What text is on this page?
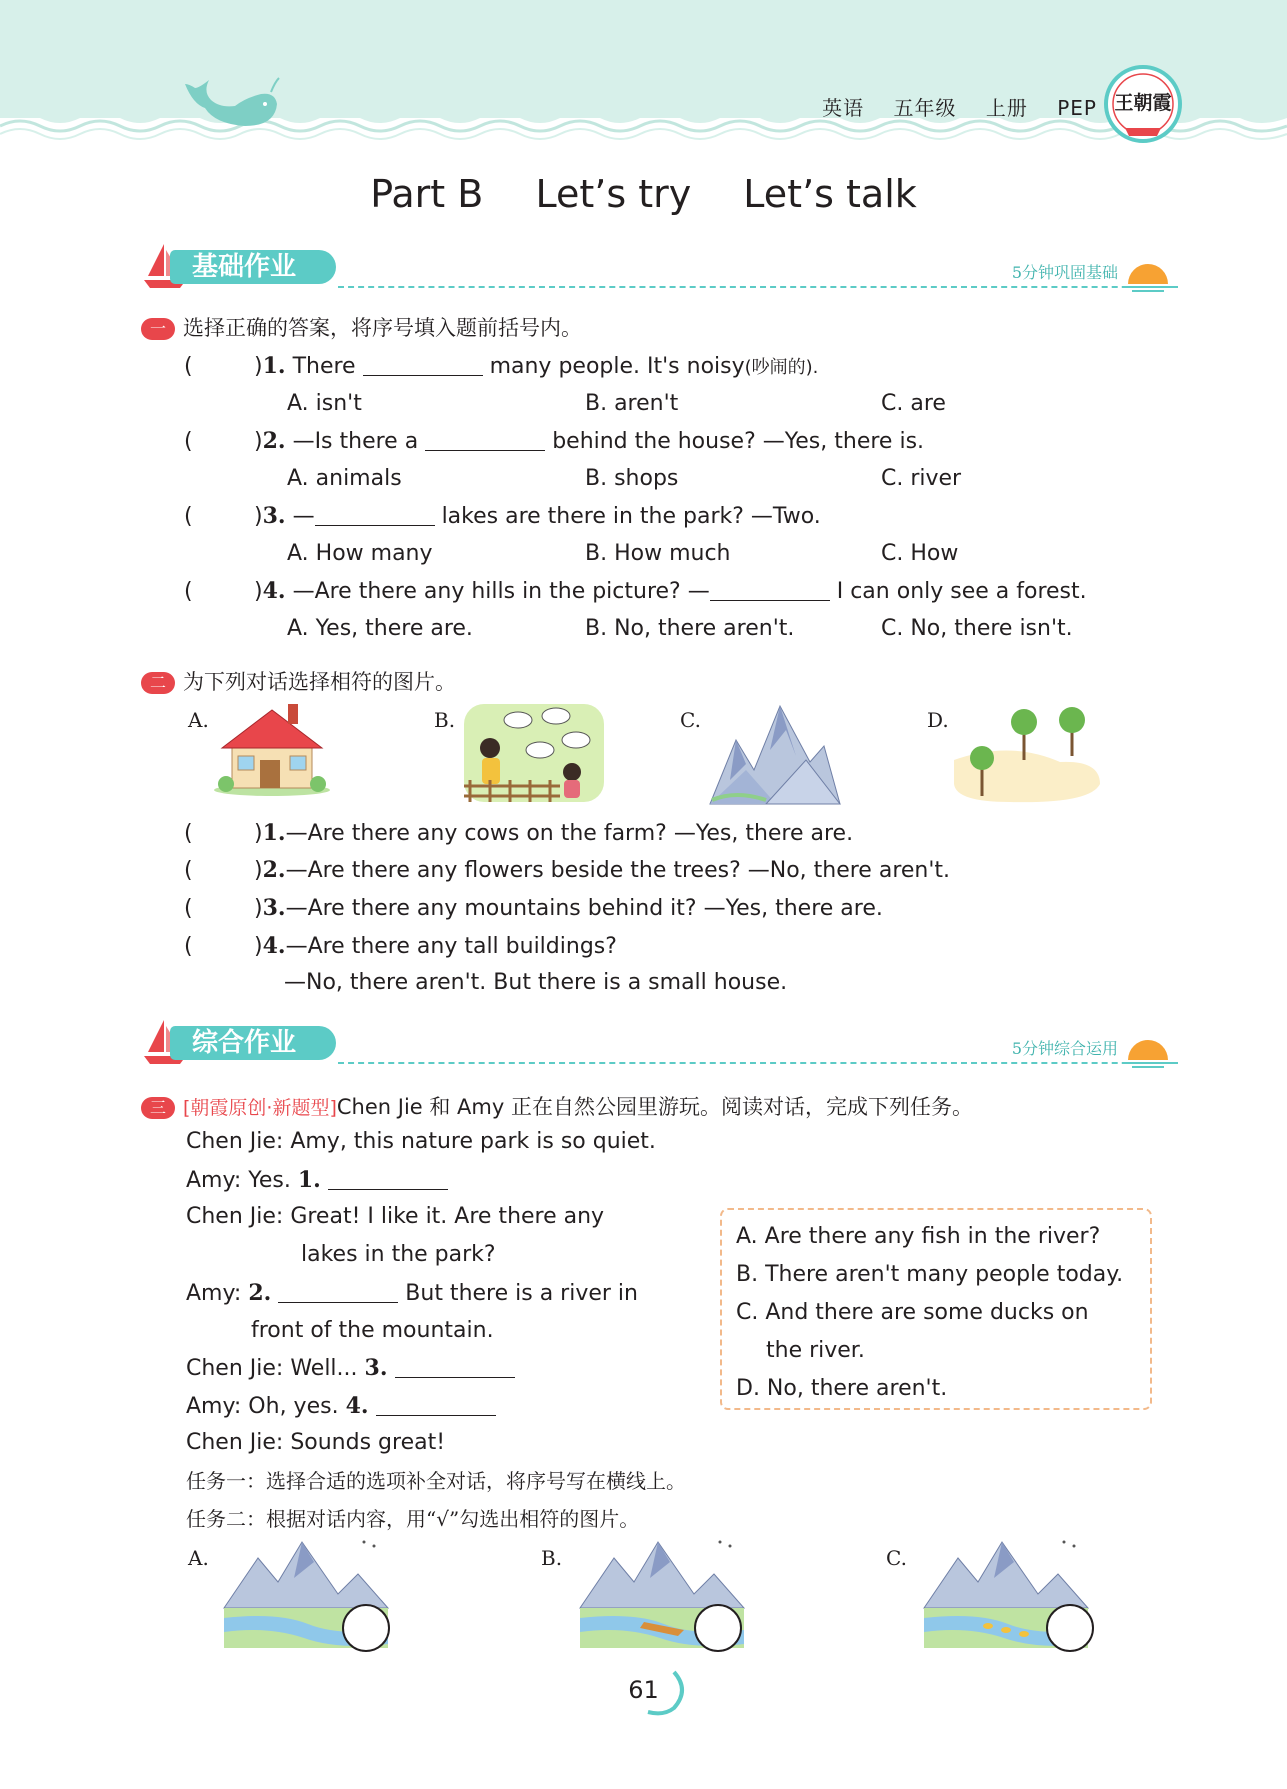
英语 五年级 上册 PEP 王朝霞
Part B Let’s try Let’s talk
基础作业	5分钟巩固基础
一 选择正确的答案，将序号填入题前括号内。
(	)1. There	many people. It's noisy(吵闹的).
A. isn't	B. aren't	C. are
(	)2. —Is there a	behind the house? —Yes, there is.
A. animals	B. shops	C. river
(	)3. —	lakes are there in the park? —Two.
A. How many	B. How much	C. How
(	)4. —Are there any hills in the picture? —	I can only see a forest.
A. Yes, there are.	B. No, there aren't.	C. No, there isn't.
二 为下列对话选择相符的图片。
A.	B.	C.	D.
(	)1.—Are there any cows on the farm? —Yes, there are.
(	)2.—Are there any flowers beside the trees? —No, there aren't.
(	)3.—Are there any mountains behind it? —Yes, there are.
(	)4.—Are there any tall buildings?
—No, there aren't. But there is a small house.
综合作业	5分钟综合运用
三 [朝霞原创·新题型]Chen Jie 和 Amy 正在自然公园里游玩。阅读对话，完成下列任务。
Chen Jie: Amy, this nature park is so quiet.
Amy: Yes. 1.
Chen Jie: Great! I like it. Are there any
lakes in the park?
Amy: 2.	But there is a river in
front of the mountain.
Chen Jie: Well... 3.
Amy: Oh, yes. 4.
Chen Jie: Sounds great!
A. Are there any fish in the river?
B. There aren't many people today.
C. And there are some ducks on
the river.
D. No, there aren't.
任务一：选择合适的选项补全对话，将序号写在横线上。
任务二：根据对话内容，用“√”勾选出相符的图片。
A.	B.	C.
61
